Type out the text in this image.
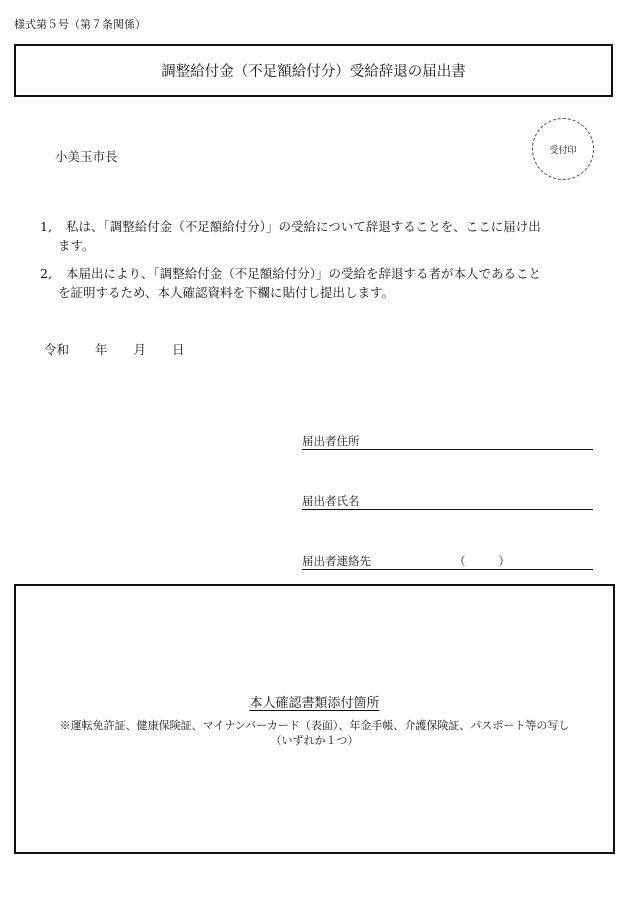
様式第５号（第７条関係）
調整給付金（不足額給付分）受給辞退の届出書
小美玉市長	受付印
1, 私は、「調整給付金（不足額給付分）」の受給について辞退することを、ここに届け出
ます。
2, 本届出により、「調整給付金（不足額給付分）」の受給を辞退する者が本人であること
を証明するため、本人確認資料を下欄に貼付し提出します。
令和 年 月 日
届出者住所
届出者氏名
届出者連絡先	（	）
本人確認書類添付箇所
※運転免許証、健康保険証、マイナンバーカード（表面）、年金手帳、介護保険証、パスポート等の写し
（いずれか１つ）
